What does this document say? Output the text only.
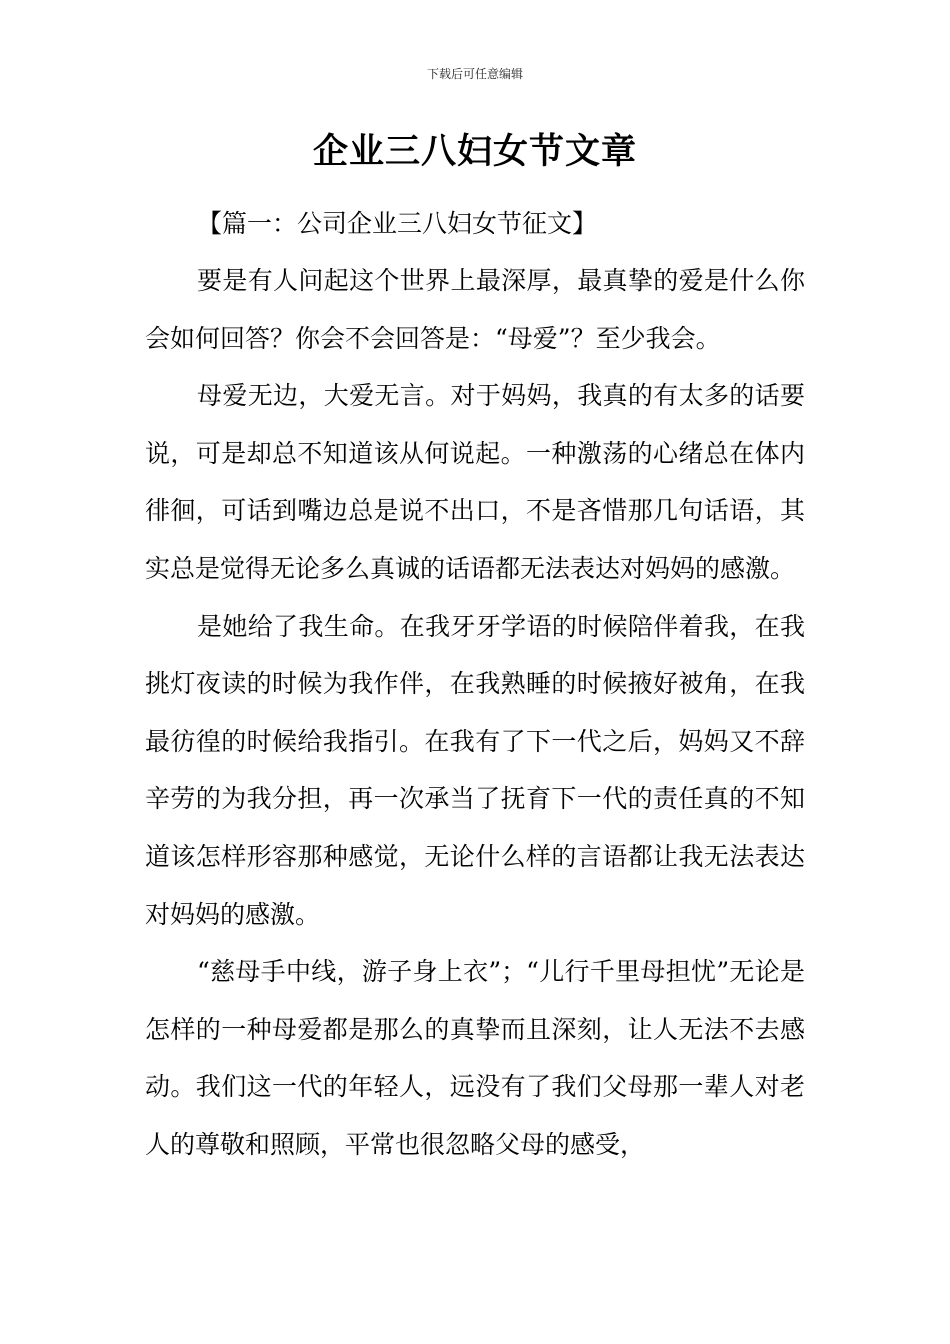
下载后可任意编辑
企业三八妇女节文章
【篇一：公司企业三八妇女节征文】

要是有人问起这个世界上最深厚，最真挚的爱是什么你会如何回答？你会不会回答是：“母爱”？至少我会。

母爱无边，大爱无言。对于妈妈，我真的有太多的话要说，可是却总不知道该从何说起。一种激荡的心绪总在体内徘徊，可话到嘴边总是说不出口，不是吝惜那几句话语，其实总是觉得无论多么真诚的话语都无法表达对妈妈的感激。

是她给了我生命。在我牙牙学语的时候陪伴着我，在我挑灯夜读的时候为我作伴，在我熟睡的时候掖好被角，在我最彷徨的时候给我指引。在我有了下一代之后，妈妈又不辞辛劳的为我分担，再一次承当了抚育下一代的责任真的不知道该怎样形容那种感觉，无论什么样的言语都让我无法表达对妈妈的感激。

“慈母手中线，游子身上衣”；“儿行千里母担忧”无论是怎样的一种母爱都是那么的真挚而且深刻，让人无法不去感动。我们这一代的年轻人，远没有了我们父母那一辈人对老人的尊敬和照顾，平常也很忽略父母的感受，
